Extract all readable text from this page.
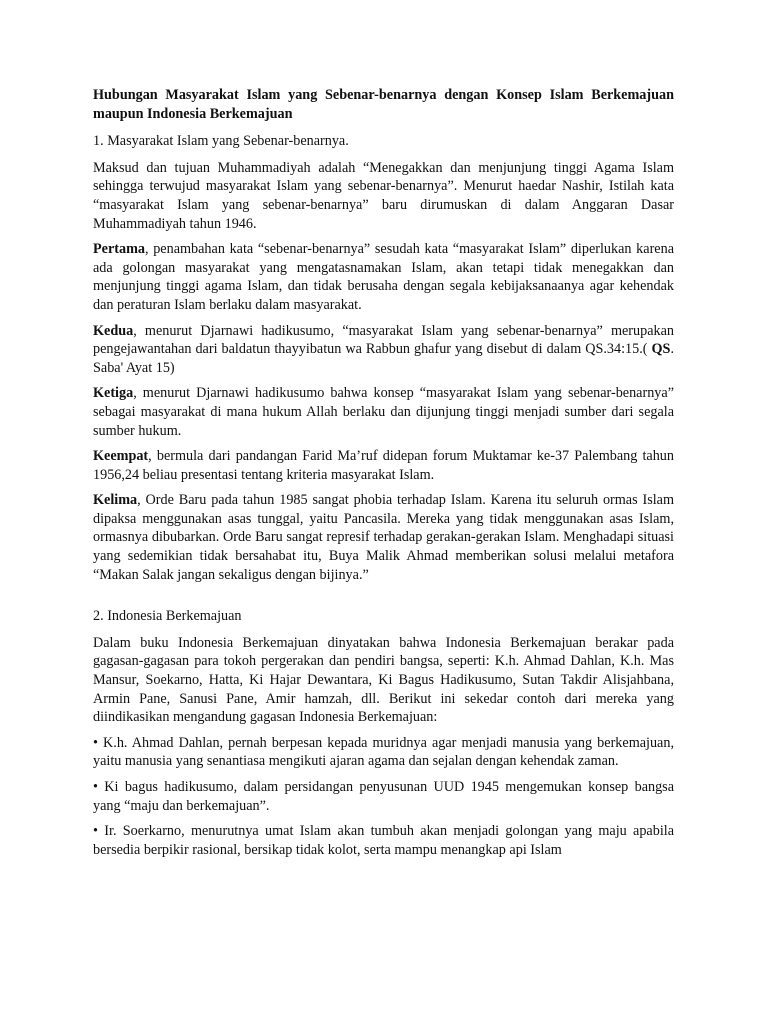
Hubungan Masyarakat Islam yang Sebenar-benarnya dengan Konsep Islam Berkemajuan maupun Indonesia Berkemajuan

1. Masyarakat Islam yang Sebenar-benarnya.

Maksud dan tujuan Muhammadiyah adalah “Menegakkan dan menjunjung tinggi Agama Islam sehingga terwujud masyarakat Islam yang sebenar-benarnya”. Menurut haedar Nashir, Istilah kata “masyarakat Islam yang sebenar-benarnya” baru dirumuskan di dalam Anggaran Dasar Muhammadiyah tahun 1946.

Pertama, penambahan kata “sebenar-benarnya” sesudah kata “masyarakat Islam” diperlukan karena ada golongan masyarakat yang mengatasnamakan Islam, akan tetapi tidak menegakkan dan menjunjung tinggi agama Islam, dan tidak berusaha dengan segala kebijaksanaanya agar kehendak dan peraturan Islam berlaku dalam masyarakat.

Kedua, menurut Djarnawi hadikusumo, “masyarakat Islam yang sebenar-benarnya” merupakan pengejawantahan dari baldatun thayyibatun wa Rabbun ghafur yang disebut di dalam QS.34:15.( QS. Saba' Ayat 15)

Ketiga, menurut Djarnawi hadikusumo bahwa konsep “masyarakat Islam yang sebenar-benarnya” sebagai masyarakat di mana hukum Allah berlaku dan dijunjung tinggi menjadi sumber dari segala sumber hukum.

Keempat, bermula dari pandangan Farid Ma’ruf didepan forum Muktamar ke-37 Palembang tahun 1956,24 beliau presentasi tentang kriteria masyarakat Islam.

Kelima, Orde Baru pada tahun 1985 sangat phobia terhadap Islam. Karena itu seluruh ormas Islam dipaksa menggunakan asas tunggal, yaitu Pancasila. Mereka yang tidak menggunakan asas Islam, ormasnya dibubarkan. Orde Baru sangat represif terhadap gerakan-gerakan Islam. Menghadapi situasi yang sedemikian tidak bersahabat itu, Buya Malik Ahmad memberikan solusi melalui metafora “Makan Salak jangan sekaligus dengan bijinya.”

2. Indonesia Berkemajuan

Dalam buku Indonesia Berkemajuan dinyatakan bahwa Indonesia Berkemajuan berakar pada gagasan-gagasan para tokoh pergerakan dan pendiri bangsa, seperti: K.h. Ahmad Dahlan, K.h. Mas Mansur, Soekarno, Hatta, Ki Hajar Dewantara, Ki Bagus Hadikusumo, Sutan Takdir Alisjahbana, Armin Pane, Sanusi Pane, Amir hamzah, dll. Berikut ini sekedar contoh dari mereka yang diindikasikan mengandung gagasan Indonesia Berkemajuan:

• K.h. Ahmad Dahlan, pernah berpesan kepada muridnya agar menjadi manusia yang berkemajuan, yaitu manusia yang senantiasa mengikuti ajaran agama dan sejalan dengan kehendak zaman.

• Ki bagus hadikusumo, dalam persidangan penyusunan UUD 1945 mengemukan konsep bangsa yang “maju dan berkemajuan”.

• Ir. Soerkarno, menurutnya umat Islam akan tumbuh akan menjadi golongan yang maju apabila bersedia berpikir rasional, bersikap tidak kolot, serta mampu menangkap api Islam
